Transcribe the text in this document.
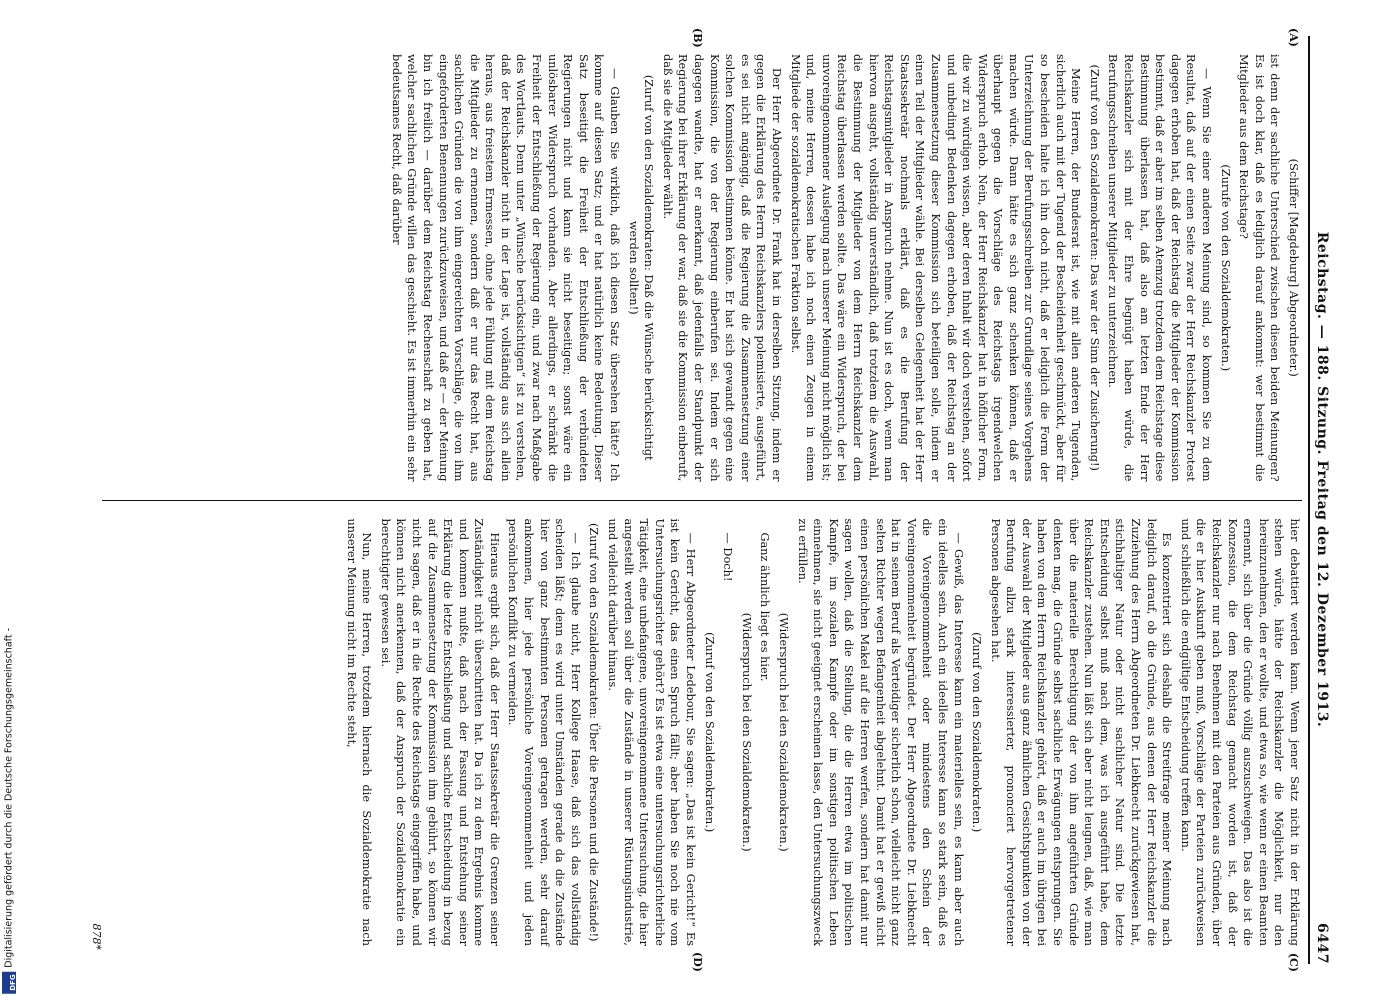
Reichstag. — 188. Sitzung. Freitag den 12. Dezember 1913.
6447

(Schiffer [Magdeburg] Abgeordneter.)

ist denn der sachliche Unterschied zwischen diesen beiden Meinungen? Es ist doch klar, daß es lediglich darauf ankommt: wer bestimmt die Mitglieder aus dem Reichstage?

(Zurufe von den Sozialdemokraten.)

— Wenn Sie einer anderen Meinung sind, so kommen Sie zu dem Resultat, daß auf der einen Seite zwar der Herr Reichskanzler Protest dagegen erhoben hat, daß der Reichstag die Mitglieder der Kommission bestimmt, daß er aber im selben Atemzug trotzdem dem Reichstage diese Bestimmung überlassen hat, daß also am letzten Ende der Herr Reichskanzler sich mit der Ehre begnügt haben würde, die Berufungsschreiben unserer Mitglieder zu unterzeichnen.

(Zuruf von den Sozialdemokraten: Das war der Sinn der Zusicherung!)

Meine Herren, der Bundesrat ist, wie mit allen anderen Tugenden, sicherlich auch mit der Tugend der Bescheidenheit geschmückt, aber für so bescheiden halte ich ihn doch nicht, daß er lediglich die Form der Unterzeichnung der Berufungsschreiben zur Grundlage seines Vorgehens machen würde. Dann hätte es sich ganz schenken können, daß er überhaupt gegen die Vorschläge des Reichstags irgendwelchen Widerspruch erhob. Nein, der Herr Reichskanzler hat in höflicher Form, die wir zu würdigen wissen, aber deren Inhalt wir doch verstehen, sofort und unbedingt Bedenken dagegen erhoben, daß der Reichstag an der Zusammensetzung dieser Kommission sich beteiligen solle, indem er einen Teil der Mitglieder wähle. Bei derselben Gelegenheit hat der Herr Staatssekretär nochmals erklärt, daß es die Berufung der Reichstagsmitglieder in Anspruch nehme. Nun ist es doch, wenn man hiervon ausgeht, vollständig unverständlich, daß trotzdem die Auswahl, die Bestimmung der Mitglieder von dem Herrn Reichskanzler dem Reichstag überlassen werden sollte. Das wäre ein Widerspruch, der bei unvoreingenommener Auslegung nach unserer Meinung nicht möglich ist; und, meine Herren, dessen habe ich noch einen Zeugen in einem Mitgliede der sozialdemokratischen Fraktion selbst.

Der Herr Abgeordnete Dr. Frank hat in derselben Sitzung, indem er gegen die Erklärung des Herrn Reichskanzlers polemisierte, ausgeführt, es sei nicht angängig, daß die Regierung die Zusammensetzung einer solchen Kommission bestimmen könne. Er hat sich gewandt gegen eine Kommission, die von der Regierung einberufen sei. Indem er sich dagegen wandte, hat er anerkannt, daß jedenfalls der Standpunkt der Regierung bei ihrer Erklärung der war, daß sie die Kommission einberuft, daß sie die Mitglieder wählt.

(Zuruf von den Sozialdemokraten: Daß die Wünsche berücksichtigt werden sollten!)

— Glauben Sie wirklich, daß ich diesen Satz übersehen hätte? Ich komme auf diesen Satz; und er hat natürlich keine Bedeutung. Dieser Satz beseitigt die Freiheit der Entschließung der verbündeten Regierungen nicht und kann sie nicht beseitigen; sonst wäre ein unlösbarer Widerspruch vorhanden. Aber allerdings, er schränkt die Freiheit der Entschließung der Regierung ein, und zwar nach Maßgabe des Wortlauts. Denn unter „Wünsche berücksichtigen“ ist zu verstehen, daß der Reichskanzler nicht in der Lage ist, vollständig aus sich allein heraus, aus freiestem Ermessen, ohne jede Fühlung mit dem Reichstag die Mitglieder zu ernennen, sondern daß er nur das Recht hat, aus sachlichen Gründen die von ihm eingereichten Vorschläge, die von ihm eingeforderten Benennungen zurückzuweisen, und daß er — der Meinung bin ich freilich — darüber dem Reichstag Rechenschaft zu geben hat, welcher sachlichen Gründe willen das geschieht. Es ist immerhin ein sehr bedeutsames Recht, daß darüber

hier debattiert werden kann. Wenn jener Satz nicht in der Erklärung stehen würde, hätte der Reichskanzler die Möglichkeit, nur den hereinzunehmen, den er wollte, und etwa so, wie wenn er einen Beamten ernennt, sich über die Gründe völlig auszuschweigen. Das also ist die Konzession, die dem Reichstag gemacht worden ist, daß der Reichskanzler nur nach Benehmen mit den Parteien aus Gründen, über die er hier Auskunft geben muß, Vorschläge der Parteien zurückweisen und schließlich die endgültige Entscheidung treffen kann.

Es konzentriert sich deshalb die Streitfrage meiner Meinung nach lediglich darauf, ob die Gründe, aus denen der Herr Reichskanzler die Zuziehung des Herrn Abgeordneten Dr. Liebknecht zurückgewiesen hat, stichhaltiger Natur oder nicht sachlicher Natur sind. Die letzte Entscheidung selbst muß nach dem, was ich ausgeführt habe, dem Reichskanzler zustehen. Nun läßt sich aber nicht leugnen, daß, wie man über die materielle Berechtigung der von ihm angeführten Gründe denken mag, die Gründe selbst sachliche Erwägungen entsprungen. Sie haben von dem Herrn Reichskanzler gehört, daß er auch im übrigen bei der Auswahl der Mitglieder aus ganz ähnlichen Gesichtspunkten von der Berufung allzu stark interessierter, prononciert hervorgetretener Personen abgesehen hat.

(Zuruf von den Sozialdemokraten.)

— Gewiß, das Interesse kann ein materielles sein, es kann aber auch ein ideelles sein. Auch ein ideelles Interesse kann so stark sein, daß es die Voreingenommenheit oder mindestens den Schein der Voreingenommenheit begründet. Der Herr Abgeordnete Dr. Liebknecht hat in seinem Beruf als Verteidiger sicherlich schon, vielleicht nicht ganz selten Richter wegen Befangenheit abgelehnt. Damit hat er gewiß nicht einen persönlichen Makel auf die Herren werfen, sondern hat damit nur sagen wollen, daß die Stellung, die die Herren etwa im politischen Kampfe, im sozialen Kampfe oder im sonstigen politischen Leben einnehmen, sie nicht geeignet erscheinen lasse, den Untersuchungszweck zu erfüllen.

(Widerspruch bei den Sozialdemokraten.)

Ganz ähnlich liegt es hier.

(Widerspruch bei den Sozialdemokraten.)

— Doch!

(Zuruf von den Sozialdemokraten.)

— Herr Abgeordneter Ledebour, Sie sagen: „Das ist kein Gericht!“ Es ist kein Gericht, das einen Spruch fällt; aber haben Sie noch nie vom Untersuchungsrichter gehört? Es ist etwa eine untersuchungsrichterliche Tätigkeit, eine unbefangene, unvoreingenommene Untersuchung, die hier angestellt werden soll über die Zustände in unserer Rüstungsindustrie, und vielleicht darüber hinaus.

(Zuruf von den Sozialdemokraten: Über die Personen und die Zustände!)

— Ich glaube nicht, Herr Kollege Haase, daß sich das vollständig scheiden läßt; denn es wird unter Umständen gerade da die Zustände hier von ganz bestimmten Personen getragen werden, sehr darauf ankommen, hier jede persönliche Voreingenommenheit und jeden persönlichen Konflikt zu vermeiden.

Hieraus ergibt sich, daß der Herr Staatssekretär die Grenzen seiner Zuständigkeit nicht überschritten hat. Da ich zu dem Ergebnis komme und kommen mußte, daß nach der Fassung und Entstehung seiner Erklärung die letzte Entschließung und sachliche Entscheidung in bezug auf die Zusammensetzung der Kommission ihm gebührt, so können wir nicht sagen, daß er in die Rechte des Reichstags eingegriffen habe, und können nicht anerkennen, daß der Anspruch der Sozialdemokratie ein berechtigter gewesen sei.

Nun, meine Herren, trotzdem hiernach die Sozialdemokratie nach unserer Meinung nicht im Rechte steht,

(A)
(B)
(C)
(D)
878*
DFG
Digitalisierung gefördert durch die Deutsche Forschungsgemeinschaft -
